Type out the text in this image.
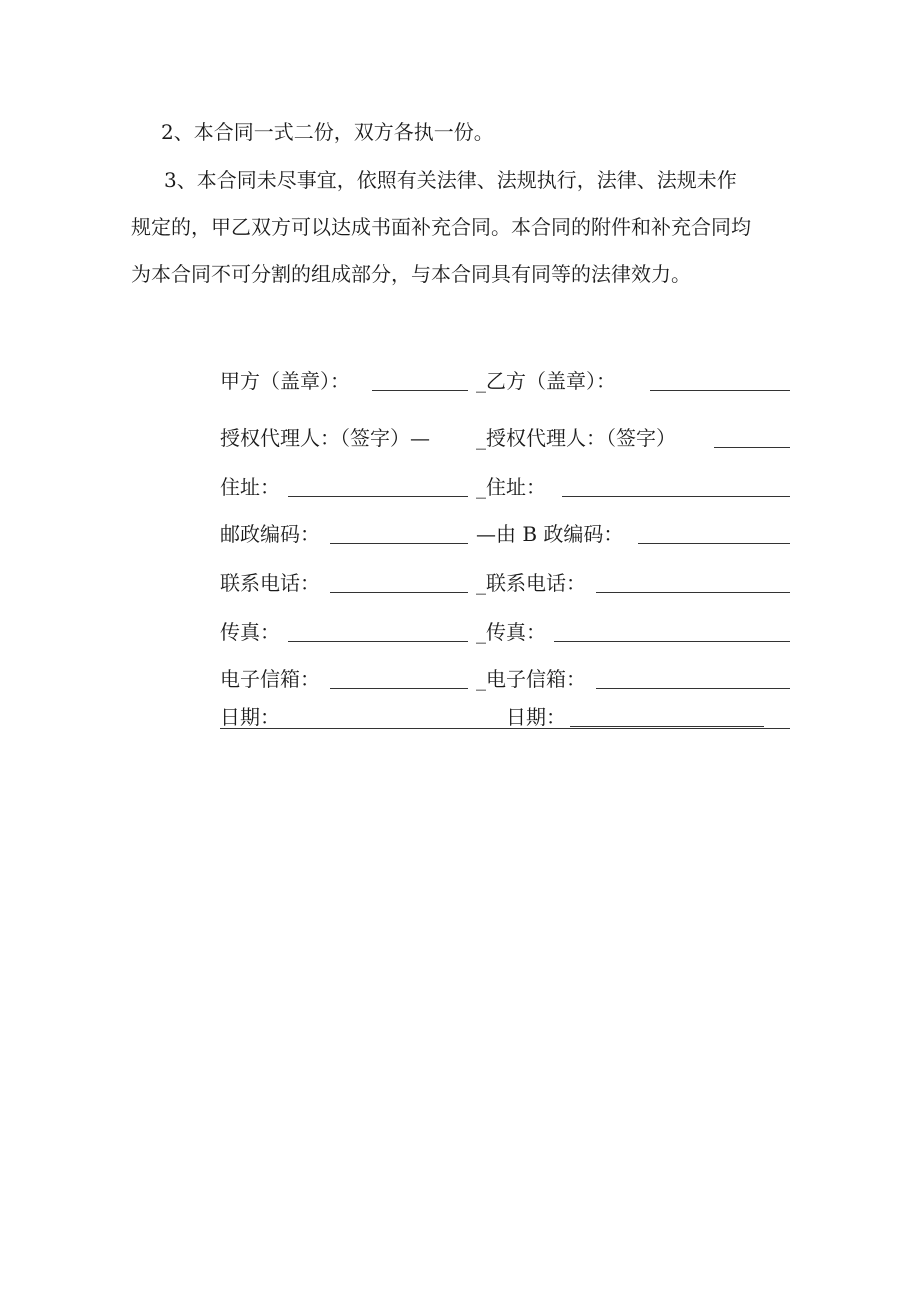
2、本合同一式二份，双方各执一份。

3、本合同未尽事宜，依照有关法律、法规执行，法律、法规未作
规定的，甲乙双方可以达成书面补充合同。本合同的附件和补充合同均
为本合同不可分割的组成部分，与本合同具有同等的法律效力。

甲方（盖章）：	_乙方（盖章）：
授权代理人：（签字）— _授权代理人：（签字）
住址：	_住址：
邮政编码：	—由 B 政编码：
联系电话：	_联系电话：
传真：	_传真：
电子信箱：	_电子信箱：
日期：	日期：
